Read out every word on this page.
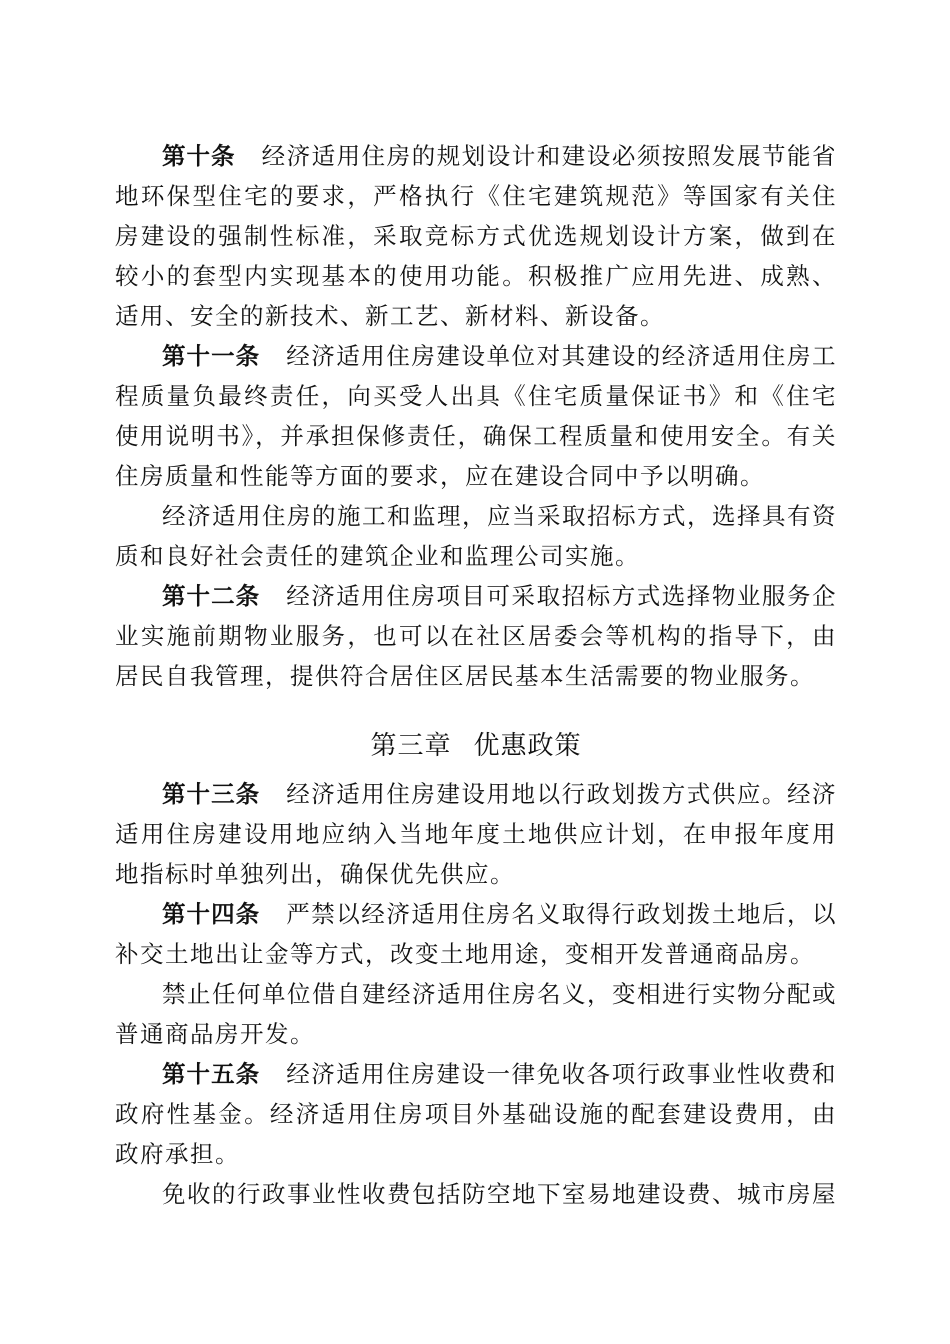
第十条 经济适用住房的规划设计和建设必须按照发展节能省地环保型住宅的要求，严格执行《住宅建筑规范》等国家有关住房建设的强制性标准，采取竞标方式优选规划设计方案，做到在较小的套型内实现基本的使用功能。积极推广应用先进、成熟、适用、安全的新技术、新工艺、新材料、新设备。

第十一条 经济适用住房建设单位对其建设的经济适用住房工程质量负最终责任，向买受人出具《住宅质量保证书》和《住宅使用说明书》，并承担保修责任，确保工程质量和使用安全。有关住房质量和性能等方面的要求，应在建设合同中予以明确。

经济适用住房的施工和监理，应当采取招标方式，选择具有资质和良好社会责任的建筑企业和监理公司实施。

第十二条 经济适用住房项目可采取招标方式选择物业服务企业实施前期物业服务，也可以在社区居委会等机构的指导下，由居民自我管理，提供符合居住区居民基本生活需要的物业服务。

第三章 优惠政策

第十三条 经济适用住房建设用地以行政划拨方式供应。经济适用住房建设用地应纳入当地年度土地供应计划，在申报年度用地指标时单独列出，确保优先供应。

第十四条 严禁以经济适用住房名义取得行政划拨土地后，以补交土地出让金等方式，改变土地用途，变相开发普通商品房。

禁止任何单位借自建经济适用住房名义，变相进行实物分配或普通商品房开发。

第十五条 经济适用住房建设一律免收各项行政事业性收费和政府性基金。经济适用住房项目外基础设施的配套建设费用，由政府承担。

免收的行政事业性收费包括防空地下室易地建设费、城市房屋
